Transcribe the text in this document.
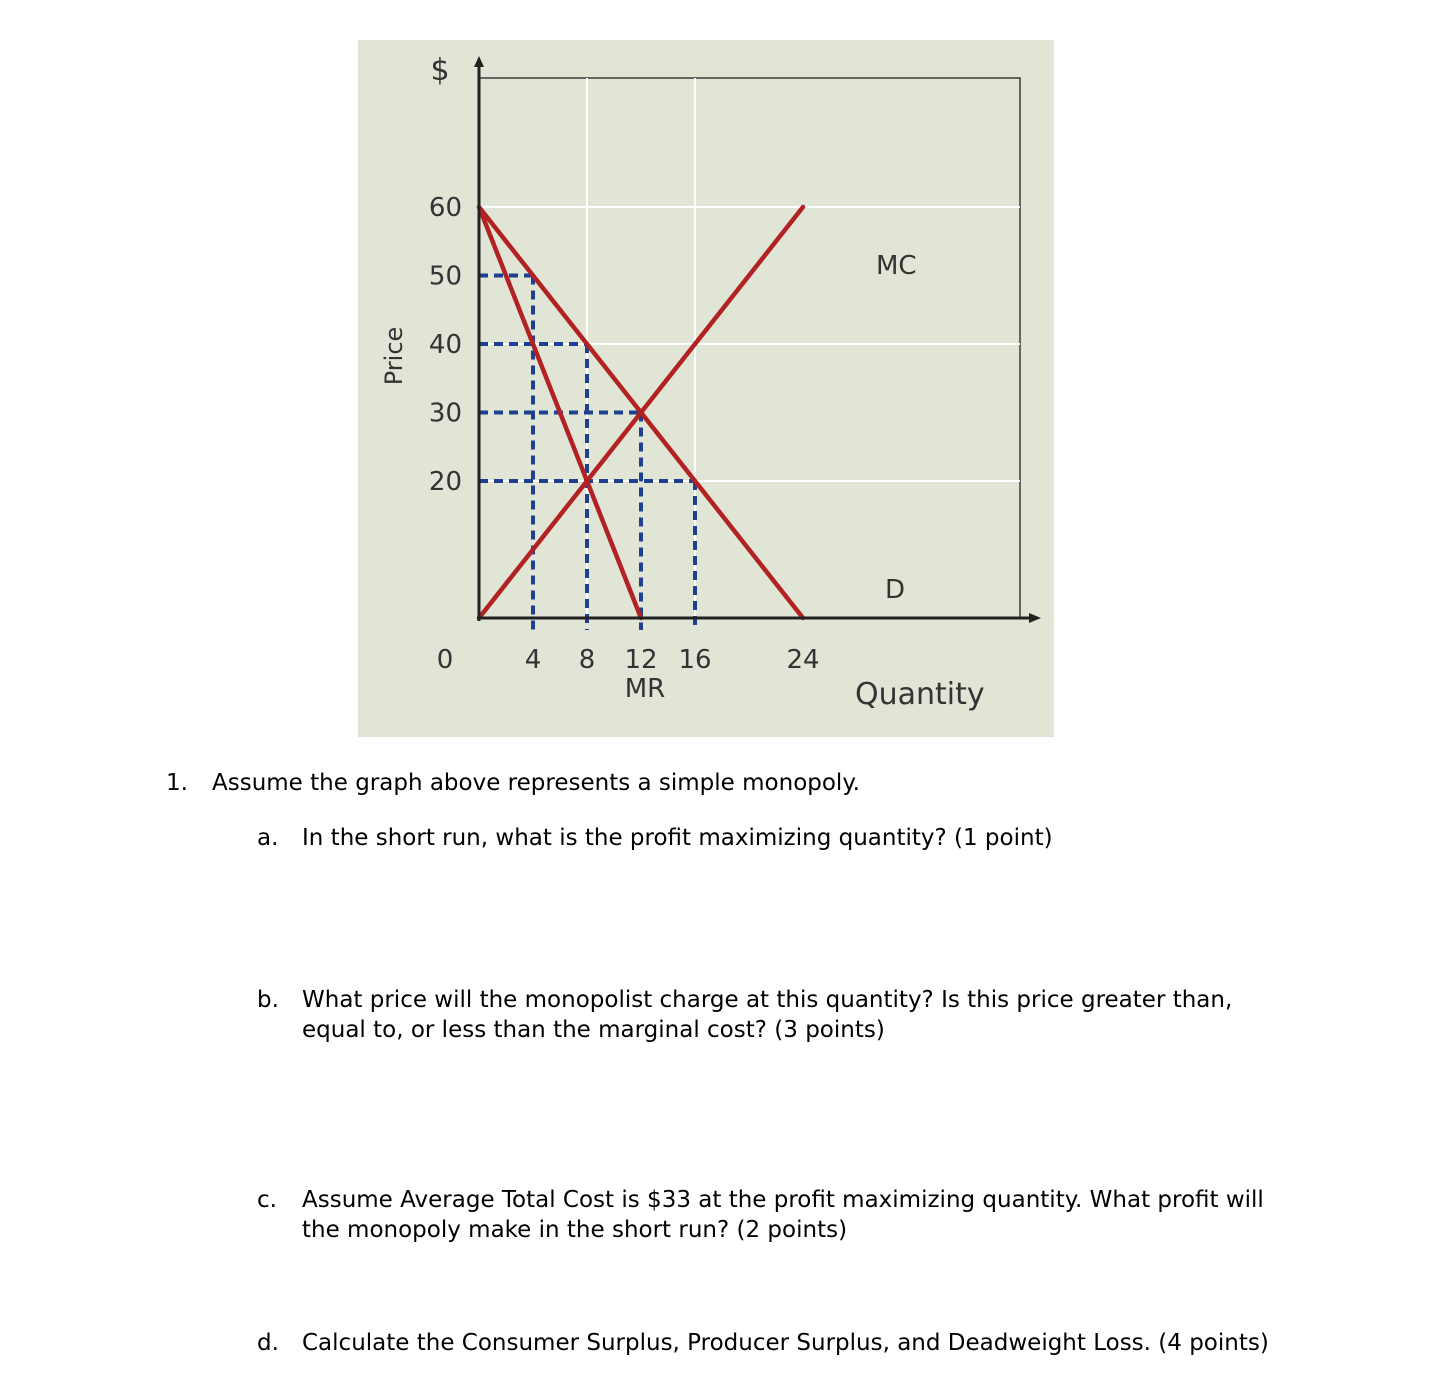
20
30
40
50
60
0	4 8 12 16	24
MC
D
MR	Quantity
Price
$
1. Assume the graph above represents a simple monopoly.
a. In the short run, what is the profit maximizing quantity? (1 point)
b. What price will the monopolist charge at this quantity? Is this price greater than, equal to, or less than the marginal cost? (3 points)
c. Assume Average Total Cost is $33 at the profit maximizing quantity. What profit will the monopoly make in the short run? (2 points)
d. Calculate the Consumer Surplus, Producer Surplus, and Deadweight Loss. (4 points)
